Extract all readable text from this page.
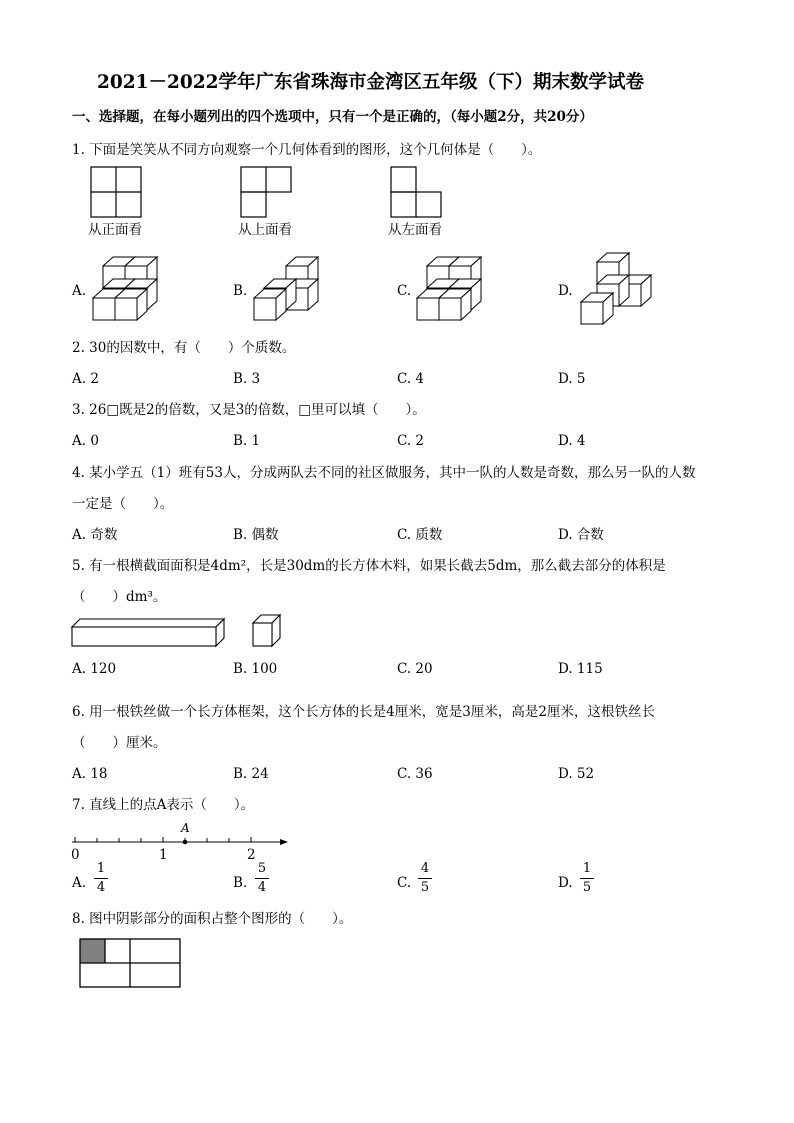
2021－2022学年广东省珠海市金湾区五年级（下）期末数学试卷
一、选择题，在每小题列出的四个选项中，只有一个是正确的，（每小题2分，共20分）
1. 下面是笑笑从不同方向观察一个几何体看到的图形，这个几何体是（　　）。
从正面看	从上面看	从左面看
A.	B.	C.	D.
2. 30的因数中，有（　　）个质数。
A. 2	B. 3	C. 4	D. 5
3. 26□既是2的倍数，又是3的倍数，□里可以填（　　）。
A. 0	B. 1	C. 2	D. 4
4. 某小学五（1）班有53人，分成两队去不同的社区做服务，其中一队的人数是奇数，那么另一队的人数
一定是（　　）。
A. 奇数	B. 偶数	C. 质数	D. 合数
5. 有一根横截面面积是4dm²，长是30dm的长方体木料，如果长截去5dm，那么截去部分的体积是
（　　）dm³。
A. 120	B. 100	C. 20	D. 115
6. 用一根铁丝做一个长方体框架，这个长方体的长是4厘米，宽是3厘米，高是2厘米，这根铁丝长
（　　）厘米。
A. 18	B. 24	C. 36	D. 52
7. 直线上的点A表示（　　）。
A
0	1	2
A.
1
4	B.
5
4	C.
4
5	D.
1
5
8. 图中阴影部分的面积占整个图形的（　　）。
